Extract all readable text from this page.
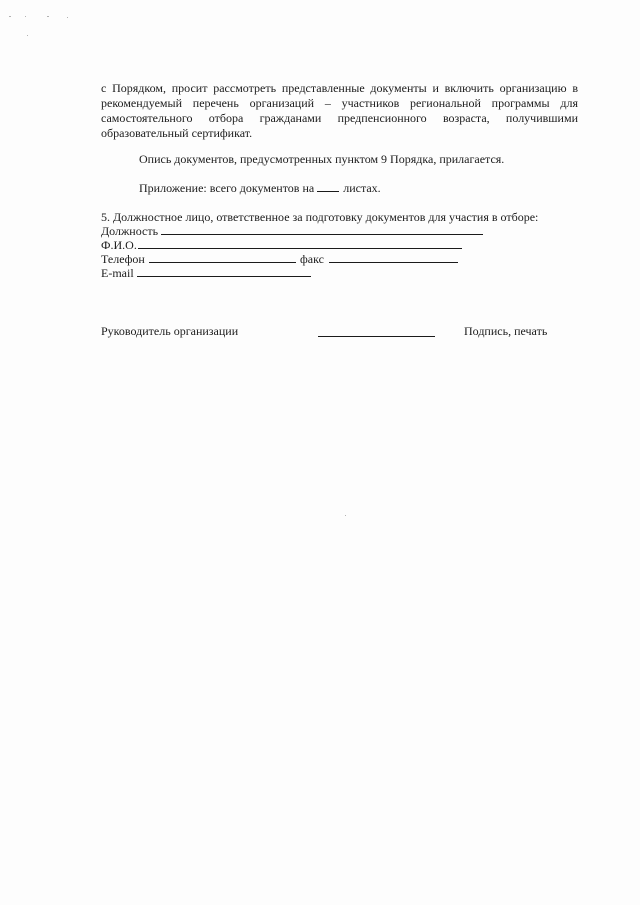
с Порядком, просит рассмотреть представленные документы и включить организацию в рекомендуемый перечень организаций – участников региональной программы для самостоятельного отбора гражданами предпенсионного возраста, получившими образовательный сертификат.

Опись документов, предусмотренных пунктом 9 Порядка, прилагается.

Приложение: всего документов на листах.

5. Должностное лицо, ответственное за подготовку документов для участия в отборе:
Должность
Ф.И.О.
Телефон	факс
E-mail
Руководитель организации	Подпись, печать
